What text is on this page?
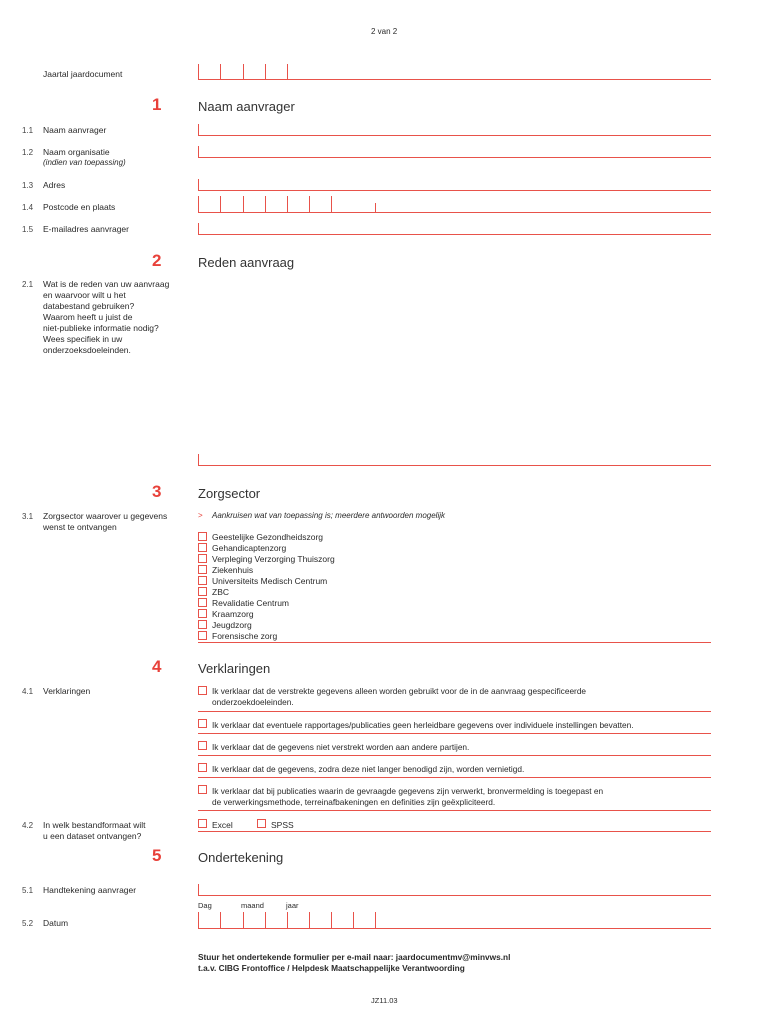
2 van 2
Jaartal jaardocument
1	Naam aanvrager
1.1 Naam aanvrager
1.2 Naam organisatie
(indien van toepassing)
1.3 Adres
1.4 Postcode en plaats
1.5 E-mailadres aanvrager
2	Reden aanvraag
2.1 Wat is de reden van uw aanvraag
en waarvoor wilt u het
databestand gebruiken?
Waarom heeft u juist de
niet-publieke informatie nodig?
Wees specifiek in uw
onderzoeksdoeleinden.
3	Zorgsector
3.1 Zorgsector waarover u gegevens
wenst te ontvangen
> Aankruisen wat van toepassing is; meerdere antwoorden mogelijk
Geestelijke Gezondheidszorg
Gehandicaptenzorg
Verpleging Verzorging Thuiszorg
Ziekenhuis
Universiteits Medisch Centrum
ZBC
Revalidatie Centrum
Kraamzorg
Jeugdzorg
Forensische zorg
4	Verklaringen
4.1 Verklaringen	Ik verklaar dat de verstrekte gegevens alleen worden gebruikt voor de in de aanvraag gespecificeerde
onderzoekdoeleinden.
Ik verklaar dat eventuele rapportages/publicaties geen herleidbare gegevens over individuele instellingen bevatten.
Ik verklaar dat de gegevens niet verstrekt worden aan andere partijen.
Ik verklaar dat de gegevens, zodra deze niet langer benodigd zijn, worden vernietigd.
Ik verklaar dat bij publicaties waarin de gevraagde gegevens zijn verwerkt, bronvermelding is toegepast en
de verwerkingsmethode, terreinafbakeningen en definities zijn geëxpliciteerd.
4.2 In welk bestandformaat wilt
u een dataset ontvangen?
Excel	SPSS
5	Ondertekening
5.1 Handtekening aanvrager
Dag	maand	jaar
5.2 Datum
Stuur het ondertekende formulier per e-mail naar: jaardocumentmv@minvws.nl
t.a.v. CIBG Frontoffice / Helpdesk Maatschappelijke Verantwoording
JZ11.03
